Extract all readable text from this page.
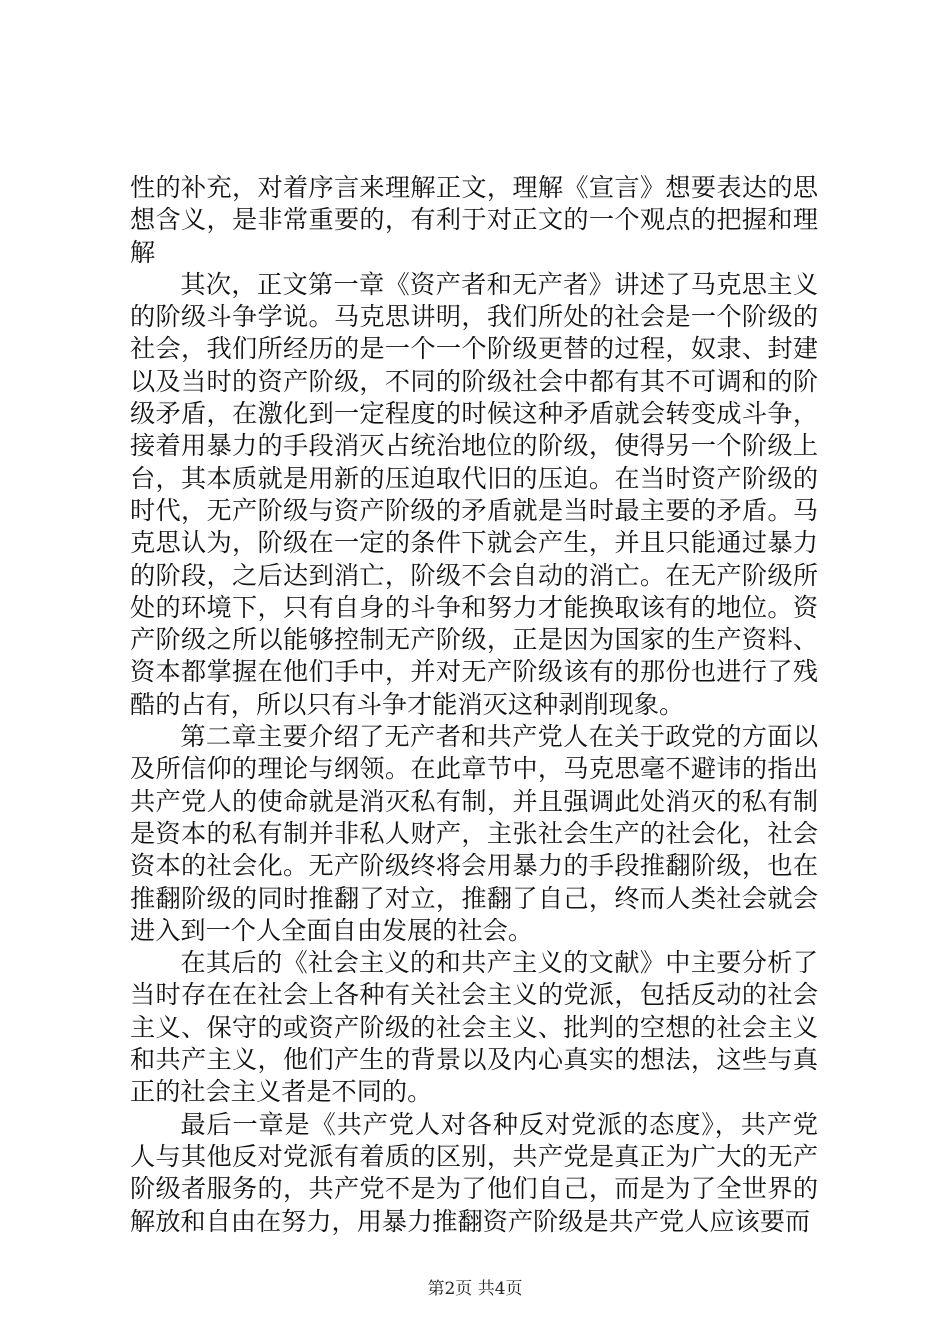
性的补充，对着序言来理解正文，理解《宣言》想要表达的思想含义，是非常重要的，有利于对正文的一个观点的把握和理解

其次，正文第一章《资产者和无产者》讲述了马克思主义的阶级斗争学说。马克思讲明，我们所处的社会是一个阶级的社会，我们所经历的是一个一个阶级更替的过程，奴隶、封建以及当时的资产阶级，不同的阶级社会中都有其不可调和的阶级矛盾，在激化到一定程度的时候这种矛盾就会转变成斗争，接着用暴力的手段消灭占统治地位的阶级，使得另一个阶级上台，其本质就是用新的压迫取代旧的压迫。在当时资产阶级的时代，无产阶级与资产阶级的矛盾就是当时最主要的矛盾。马克思认为，阶级在一定的条件下就会产生，并且只能通过暴力的阶段，之后达到消亡，阶级不会自动的消亡。在无产阶级所处的环境下，只有自身的斗争和努力才能换取该有的地位。资产阶级之所以能够控制无产阶级，正是因为国家的生产资料、资本都掌握在他们手中，并对无产阶级该有的那份也进行了残酷的占有，所以只有斗争才能消灭这种剥削现象。

第二章主要介绍了无产者和共产党人在关于政党的方面以及所信仰的理论与纲领。在此章节中，马克思毫不避讳的指出共产党人的使命就是消灭私有制，并且强调此处消灭的私有制是资本的私有制并非私人财产，主张社会生产的社会化，社会资本的社会化。无产阶级终将会用暴力的手段推翻阶级，也在推翻阶级的同时推翻了对立，推翻了自己，终而人类社会就会进入到一个人全面自由发展的社会。

在其后的《社会主义的和共产主义的文献》中主要分析了当时存在在社会上各种有关社会主义的党派，包括反动的社会主义、保守的或资产阶级的社会主义、批判的空想的社会主义和共产主义，他们产生的背景以及内心真实的想法，这些与真正的社会主义者是不同的。

最后一章是《共产党人对各种反对党派的态度》，共产党人与其他反对党派有着质的区别，共产党是真正为广大的无产阶级者服务的，共产党不是为了他们自己，而是为了全世界的解放和自由在努力，用暴力推翻资产阶级是共产党人应该要而

第2页 共4页
